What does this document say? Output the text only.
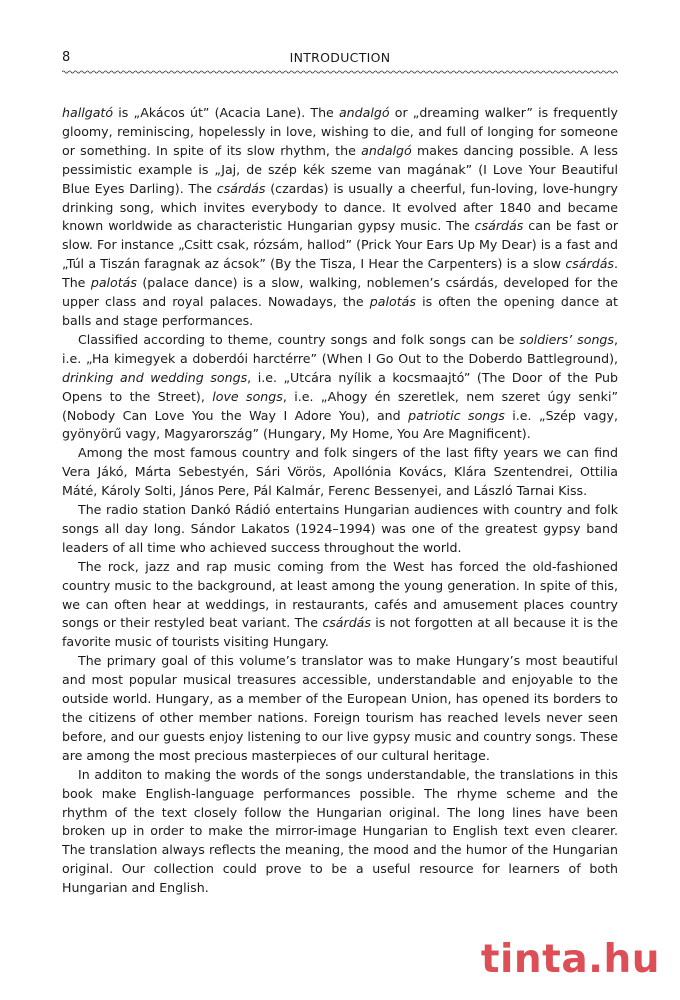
8	INTRODUCTION

hallgató is „Akácos út” (Acacia Lane). The andalgó or „dreaming walker” is frequently gloomy, reminiscing, hopelessly in love, wishing to die, and full of longing for someone or something. In spite of its slow rhythm, the andalgó makes dancing possible. A less pessimistic example is „Jaj, de szép kék szeme van magának” (I Love Your Beautiful Blue Eyes Darling). The csárdás (czardas) is usually a cheerful, fun-loving, love-hungry drinking song, which invites everybody to dance. It evolved after 1840 and became known worldwide as characteristic Hungarian gypsy music. The csárdás can be fast or slow. For instance „Csitt csak, rózsám, hallod” (Prick Your Ears Up My Dear) is a fast and „Túl a Tiszán faragnak az ácsok” (By the Tisza, I Hear the Carpenters) is a slow csárdás. The palotás (palace dance) is a slow, walking, noblemen’s csárdás, developed for the upper class and royal palaces. Nowadays, the palotás is often the opening dance at balls and stage performances.

Classified according to theme, country songs and folk songs can be soldiers’ songs, i.e. „Ha kimegyek a doberdói harctérre” (When I Go Out to the Doberdo Battleground), drinking and wedding songs, i.e. „Utcára nyílik a kocsmaajtó” (The Door of the Pub Opens to the Street), love songs, i.e. „Ahogy én szeretlek, nem szeret úgy senki” (Nobody Can Love You the Way I Adore You), and patriotic songs i.e. „Szép vagy, gyönyörű vagy, Magyarország” (Hungary, My Home, You Are Magnificent).

Among the most famous country and folk singers of the last fifty years we can find Vera Jákó, Márta Sebestyén, Sári Vörös, Apollónia Kovács, Klára Szentendrei, Ottilia Máté, Károly Solti, János Pere, Pál Kalmár, Ferenc Bessenyei, and László Tarnai Kiss.

The radio station Dankó Rádió entertains Hungarian audiences with country and folk songs all day long. Sándor Lakatos (1924–1994) was one of the greatest gypsy band leaders of all time who achieved success throughout the world.

The rock, jazz and rap music coming from the West has forced the old-fashioned country music to the background, at least among the young generation. In spite of this, we can often hear at weddings, in restaurants, cafés and amusement places country songs or their restyled beat variant. The csárdás is not forgotten at all because it is the favorite music of tourists visiting Hungary.

The primary goal of this volume’s translator was to make Hungary’s most beautiful and most popular musical treasures accessible, understandable and enjoyable to the outside world. Hungary, as a member of the European Union, has opened its borders to the citizens of other member nations. Foreign tourism has reached levels never seen before, and our guests enjoy listening to our live gypsy music and country songs. These are among the most precious masterpieces of our cultural heritage.

In additon to making the words of the songs understandable, the translations in this book make English-language performances possible. The rhyme scheme and the rhythm of the text closely follow the Hungarian original. The long lines have been broken up in order to make the mirror-image Hungarian to English text even clearer. The translation always reflects the meaning, the mood and the humor of the Hungarian original. Our collection could prove to be a useful resource for learners of both Hungarian and English.

tinta.hu
